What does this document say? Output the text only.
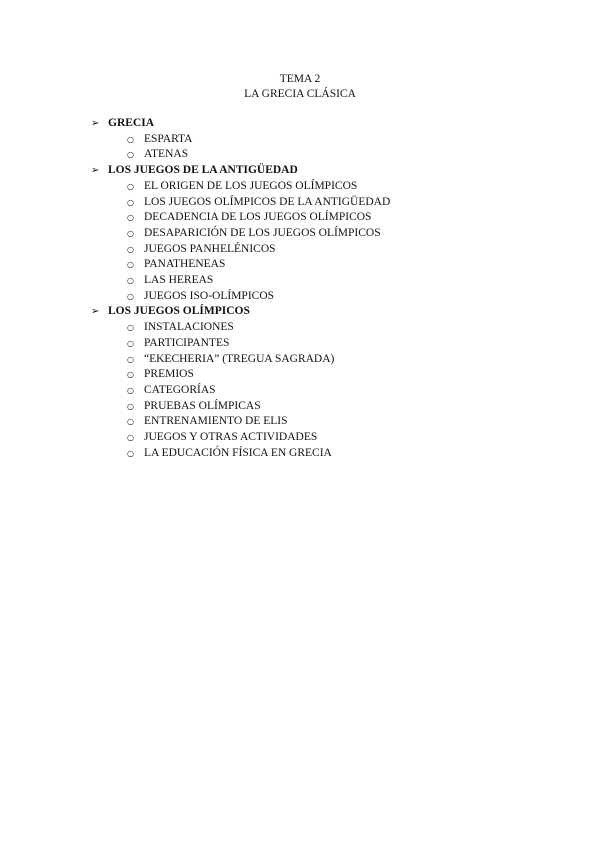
TEMA 2
LA GRECIA CLÁSICA
➢ GRECIA
○ ESPARTA
○ ATENAS
➢ LOS JUEGOS DE LA ANTIGÜEDAD
○ EL ORIGEN DE LOS JUEGOS OLÍMPICOS
○ LOS JUEGOS OLÍMPICOS DE LA ANTIGÜEDAD
○ DECADENCIA DE LOS JUEGOS OLÍMPICOS
○ DESAPARICIÓN DE LOS JUEGOS OLÍMPICOS
○ JUEGOS PANHELÉNICOS
○ PANATHENEAS
○ LAS HEREAS
○ JUEGOS ISO-OLÍMPICOS
➢ LOS JUEGOS OLÍMPICOS
○ INSTALACIONES
○ PARTICIPANTES
○ “EKECHERIA” (TREGUA SAGRADA)
○ PREMIOS
○ CATEGORÍAS
○ PRUEBAS OLÍMPICAS
○ ENTRENAMIENTO DE ELIS
○ JUEGOS Y OTRAS ACTIVIDADES
○ LA EDUCACIÓN FÍSICA EN GRECIA
